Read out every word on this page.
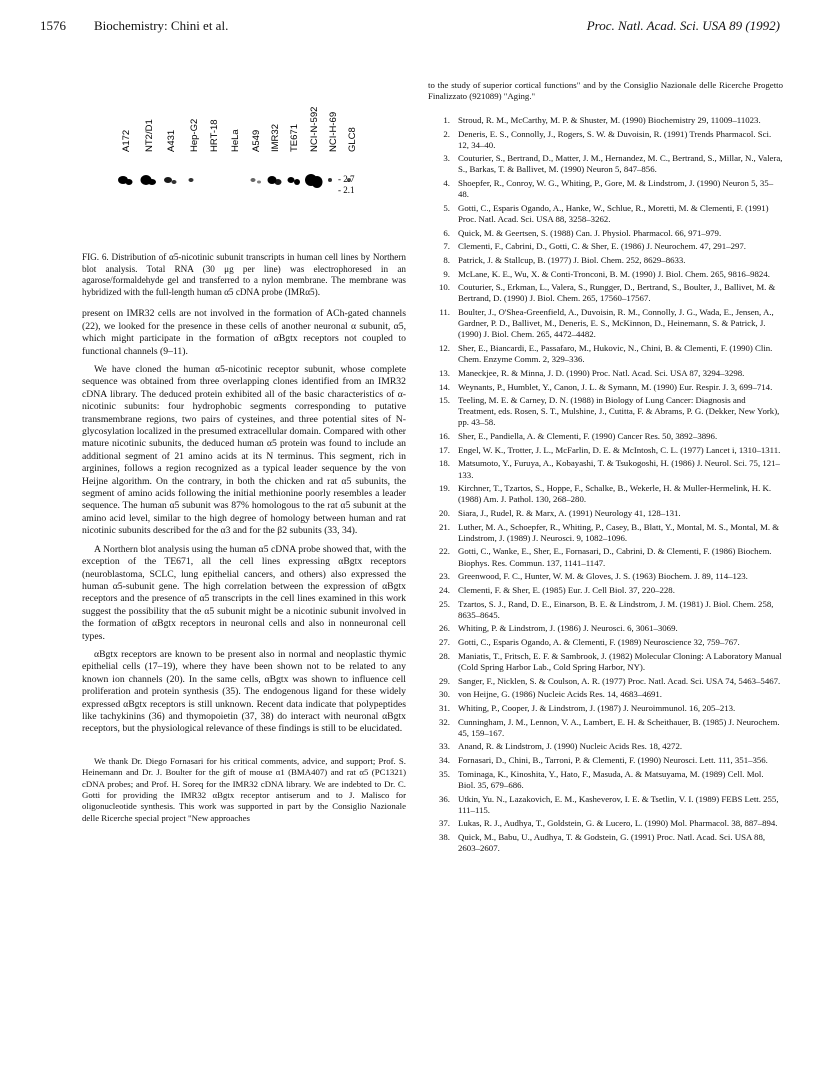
1576 Biochemistry: Chini et al.	Proc. Natl. Acad. Sci. USA 89 (1992)
A172 NT2/D1 A431 Hep-G2 HRT-18 HeLa A549 IMR32 TE671 NCI-N-592 NCI-H-69 GLC8
- 2.7
- 2.1
FIG. 6. Distribution of α5-nicotinic subunit transcripts in human cell lines by Northern blot analysis. Total RNA (30 μg per line) was electrophoresed in an agarose/formaldehyde gel and transferred to a nylon membrane. The membrane was hybridized with the full-length human α5 cDNA probe (IMRα5).

present on IMR32 cells are not involved in the formation of ACh-gated channels (22), we looked for the presence in these cells of another neuronal α subunit, α5, which might participate in the formation of αBgtx receptors not coupled to functional channels (9–11).

We have cloned the human α5-nicotinic receptor subunit, whose complete sequence was obtained from three overlapping clones identified from an IMR32 cDNA library. The deduced protein exhibited all of the basic characteristics of α-nicotinic subunits: four hydrophobic segments corresponding to putative transmembrane regions, two pairs of cysteines, and three potential sites of N-glycosylation localized in the presumed extracellular domain. Compared with other mature nicotinic subunits, the deduced human α5 protein was found to include an additional segment of 21 amino acids at its N terminus. This segment, rich in arginines, follows a region recognized as a typical leader sequence by the von Heijne algorithm. On the contrary, in both the chicken and rat α5 subunits, the segment of amino acids following the initial methionine poorly resembles a leader sequence. The human α5 subunit was 87% homologous to the rat α5 subunit at the amino acid level, similar to the high degree of homology between human and rat nicotinic subunits described for the α3 and for the β2 subunits (33, 34).

A Northern blot analysis using the human α5 cDNA probe showed that, with the exception of the TE671, all the cell lines expressing αBgtx receptors (neuroblastoma, SCLC, lung epithelial cancers, and others) also expressed the human α5-subunit gene. The high correlation between the expression of αBgtx receptors and the presence of α5 transcripts in the cell lines examined in this work suggest the possibility that the α5 subunit might be a nicotinic subunit involved in the formation of αBgtx receptors in neuronal cells and also in nonneuronal cell types.

αBgtx receptors are known to be present also in normal and neoplastic thymic epithelial cells (17–19), where they have been shown not to be related to any known ion channels (20). In the same cells, αBgtx was shown to influence cell proliferation and protein synthesis (35). The endogenous ligand for these widely expressed αBgtx receptors is still unknown. Recent data indicate that polypeptides like tachykinins (36) and thymopoietin (37, 38) do interact with neuronal αBgtx receptors, but the physiological relevance of these findings is still to be elucidated.

We thank Dr. Diego Fornasari for his critical comments, advice, and support; Prof. S. Heinemann and Dr. J. Boulter for the gift of mouse α1 (BMA407) and rat α5 (PC1321) cDNA probes; and Prof. H. Soreq for the IMR32 cDNA library. We are indebted to Dr. C. Gotti for providing the IMR32 αBgtx receptor antiserum and to J. Malisco for oligonucleotide synthesis. This work was supported in part by the Consiglio Nazionale delle Ricerche special project "New approaches
to the study of superior cortical functions" and by the Consiglio Nazionale delle Ricerche Progetto Finalizzato (921089) "Aging."
1. Stroud, R. M., McCarthy, M. P. & Shuster, M. (1990) Biochemistry 29, 11009–11023.
2. Deneris, E. S., Connolly, J., Rogers, S. W. & Duvoisin, R. (1991) Trends Pharmacol. Sci. 12, 34–40.
3. Couturier, S., Bertrand, D., Matter, J. M., Hernandez, M. C., Bertrand, S., Millar, N., Valera, S., Barkas, T. & Ballivet, M. (1990) Neuron 5, 847–856.
4. Shoepfer, R., Conroy, W. G., Whiting, P., Gore, M. & Lindstrom, J. (1990) Neuron 5, 35–48.
5. Gotti, C., Esparis Ogando, A., Hanke, W., Schlue, R., Moretti, M. & Clementi, F. (1991) Proc. Natl. Acad. Sci. USA 88, 3258–3262.
6. Quick, M. & Geertsen, S. (1988) Can. J. Physiol. Pharmacol. 66, 971–979.
7. Clementi, F., Cabrini, D., Gotti, C. & Sher, E. (1986) J. Neurochem. 47, 291–297.
8. Patrick, J. & Stallcup, B. (1977) J. Biol. Chem. 252, 8629–8633.
9. McLane, K. E., Wu, X. & Conti-Tronconi, B. M. (1990) J. Biol. Chem. 265, 9816–9824.
10. Couturier, S., Erkman, L., Valera, S., Rungger, D., Bertrand, S., Boulter, J., Ballivet, M. & Bertrand, D. (1990) J. Biol. Chem. 265, 17560–17567.
11. Boulter, J., O'Shea-Greenfield, A., Duvoisin, R. M., Connolly, J. G., Wada, E., Jensen, A., Gardner, P. D., Ballivet, M., Deneris, E. S., McKinnon, D., Heinemann, S. & Patrick, J. (1990) J. Biol. Chem. 265, 4472–4482.
12. Sher, E., Biancardi, E., Passafaro, M., Hukovic, N., Chini, B. & Clementi, F. (1990) Clin. Chem. Enzyme Comm. 2, 329–336.
13. Maneckjee, R. & Minna, J. D. (1990) Proc. Natl. Acad. Sci. USA 87, 3294–3298.
14. Weynants, P., Humblet, Y., Canon, J. L. & Symann, M. (1990) Eur. Respir. J. 3, 699–714.
15. Teeling, M. E. & Carney, D. N. (1988) in Biology of Lung Cancer: Diagnosis and Treatment, eds. Rosen, S. T., Mulshine, J., Cutitta, F. & Abrams, P. G. (Dekker, New York), pp. 43–58.
16. Sher, E., Pandiella, A. & Clementi, F. (1990) Cancer Res. 50, 3892–3896.
17. Engel, W. K., Trotter, J. L., McFarlin, D. E. & McIntosh, C. L. (1977) Lancet i, 1310–1311.
18. Matsumoto, Y., Furuya, A., Kobayashi, T. & Tsukogoshi, H. (1986) J. Neurol. Sci. 75, 121–133.
19. Kirchner, T., Tzartos, S., Hoppe, F., Schalke, B., Wekerle, H. & Muller-Hermelink, H. K. (1988) Am. J. Pathol. 130, 268–280.
20. Siara, J., Rudel, R. & Marx, A. (1991) Neurology 41, 128–131.
21. Luther, M. A., Schoepfer, R., Whiting, P., Casey, B., Blatt, Y., Montal, M. S., Montal, M. & Lindstrom, J. (1989) J. Neurosci. 9, 1082–1096.
22. Gotti, C., Wanke, E., Sher, E., Fornasari, D., Cabrini, D. & Clementi, F. (1986) Biochem. Biophys. Res. Commun. 137, 1141–1147.
23. Greenwood, F. C., Hunter, W. M. & Gloves, J. S. (1963) Biochem. J. 89, 114–123.
24. Clementi, F. & Sher, E. (1985) Eur. J. Cell Biol. 37, 220–228.
25. Tzartos, S. J., Rand, D. E., Einarson, B. E. & Lindstrom, J. M. (1981) J. Biol. Chem. 258, 8635–8645.
26. Whiting, P. & Lindstrom, J. (1986) J. Neurosci. 6, 3061–3069.
27. Gotti, C., Esparis Ogando, A. & Clementi, F. (1989) Neuroscience 32, 759–767.
28. Maniatis, T., Fritsch, E. F. & Sambrook, J. (1982) Molecular Cloning: A Laboratory Manual (Cold Spring Harbor Lab., Cold Spring Harbor, NY).
29. Sanger, F., Nicklen, S. & Coulson, A. R. (1977) Proc. Natl. Acad. Sci. USA 74, 5463–5467.
30. von Heijne, G. (1986) Nucleic Acids Res. 14, 4683–4691.
31. Whiting, P., Cooper, J. & Lindstrom, J. (1987) J. Neuroimmunol. 16, 205–213.
32. Cunningham, J. M., Lennon, V. A., Lambert, E. H. & Scheithauer, B. (1985) J. Neurochem. 45, 159–167.
33. Anand, R. & Lindstrom, J. (1990) Nucleic Acids Res. 18, 4272.
34. Fornasari, D., Chini, B., Tarroni, P. & Clementi, F. (1990) Neurosci. Lett. 111, 351–356.
35. Tominaga, K., Kinoshita, Y., Hato, F., Masuda, A. & Matsuyama, M. (1989) Cell. Mol. Biol. 35, 679–686.
36. Utkin, Yu. N., Lazakovich, E. M., Kasheverov, I. E. & Tsetlin, V. I. (1989) FEBS Lett. 255, 111–115.
37. Lukas, R. J., Audhya, T., Goldstein, G. & Lucero, L. (1990) Mol. Pharmacol. 38, 887–894.
38. Quick, M., Babu, U., Audhya, T. & Godstein, G. (1991) Proc. Natl. Acad. Sci. USA 88, 2603–2607.
